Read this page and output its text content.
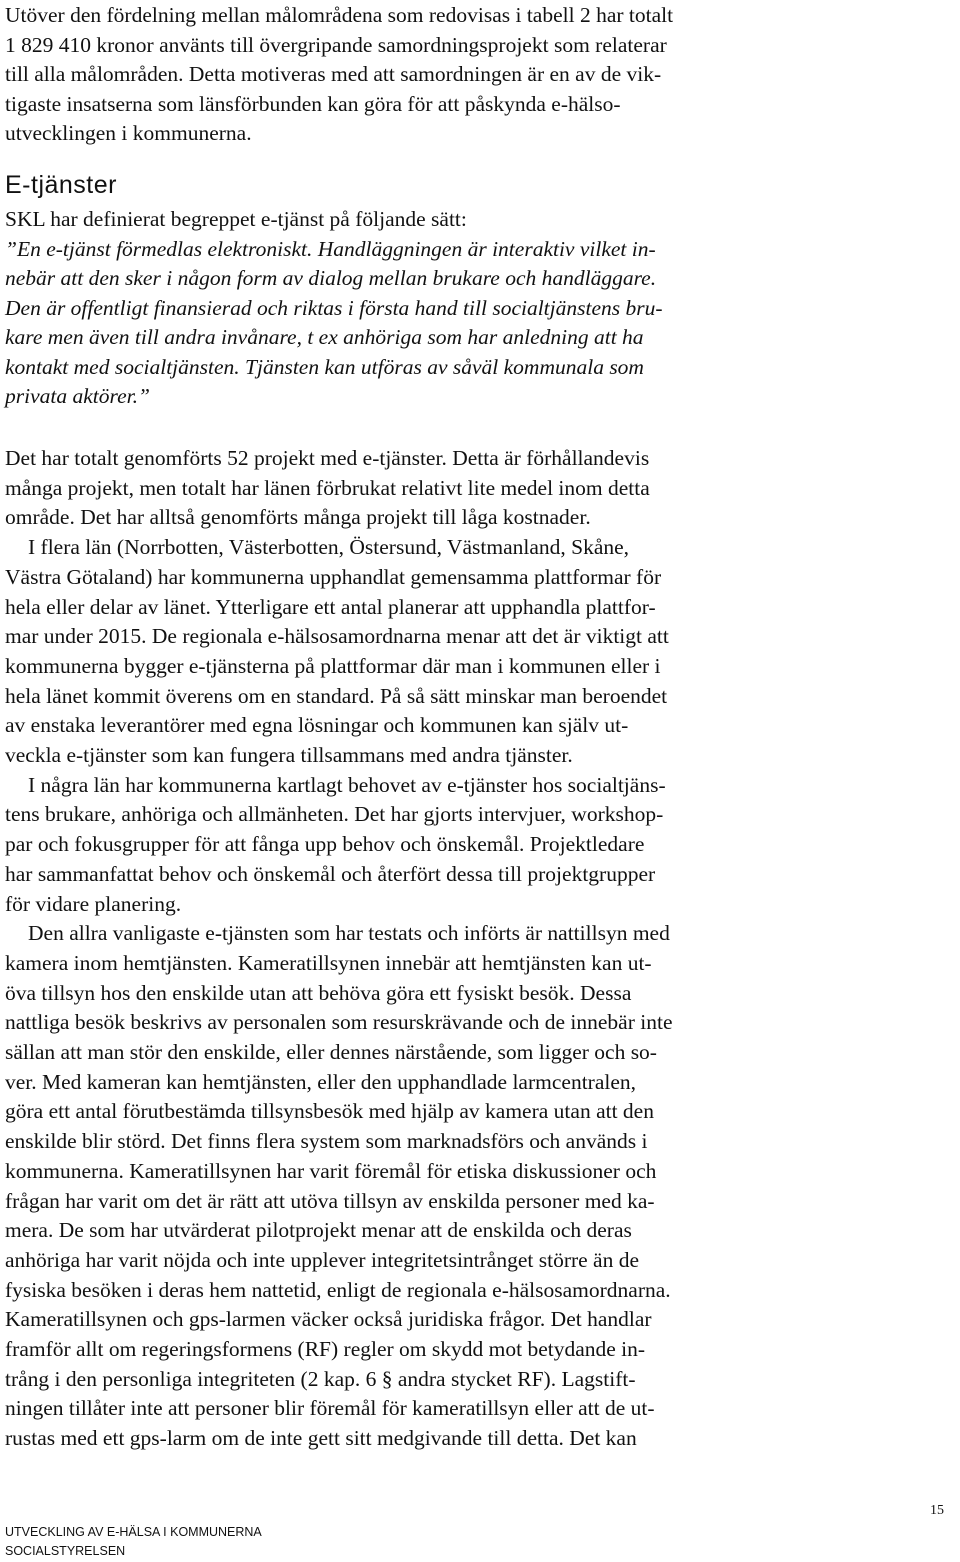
Utöver den fördelning mellan målområdena som redovisas i tabell 2 har totalt

1 829 410 kronor använts till övergripande samordningsprojekt som relaterar

till alla målområden. Detta motiveras med att samordningen är en av de vik-

tigaste insatserna som länsförbunden kan göra för att påskynda e-hälso-

utvecklingen i kommunerna.

E-tjänster

SKL har definierat begreppet e-tjänst på följande sätt:

”En e-tjänst förmedlas elektroniskt. Handläggningen är interaktiv vilket in-

nebär att den sker i någon form av dialog mellan brukare och handläggare.

Den är offentligt finansierad och riktas i första hand till socialtjänstens bru-

kare men även till andra invånare, t ex anhöriga som har anledning att ha

kontakt med socialtjänsten. Tjänsten kan utföras av såväl kommunala som

privata aktörer.”

Det har totalt genomförts 52 projekt med e-tjänster. Detta är förhållandevis

många projekt, men totalt har länen förbrukat relativt lite medel inom detta

område. Det har alltså genomförts många projekt till låga kostnader.

I flera län (Norrbotten, Västerbotten, Östersund, Västmanland, Skåne,

Västra Götaland) har kommunerna upphandlat gemensamma plattformar för

hela eller delar av länet. Ytterligare ett antal planerar att upphandla plattfor-

mar under 2015. De regionala e-hälsosamordnarna menar att det är viktigt att

kommunerna bygger e-tjänsterna på plattformar där man i kommunen eller i

hela länet kommit överens om en standard. På så sätt minskar man beroendet

av enstaka leverantörer med egna lösningar och kommunen kan själv ut-

veckla e-tjänster som kan fungera tillsammans med andra tjänster.

I några län har kommunerna kartlagt behovet av e-tjänster hos socialtjäns-

tens brukare, anhöriga och allmänheten. Det har gjorts intervjuer, workshop-

par och fokusgrupper för att fånga upp behov och önskemål. Projektledare

har sammanfattat behov och önskemål och återfört dessa till projektgrupper

för vidare planering.

Den allra vanligaste e-tjänsten som har testats och införts är nattillsyn med

kamera inom hemtjänsten. Kameratillsynen innebär att hemtjänsten kan ut-

öva tillsyn hos den enskilde utan att behöva göra ett fysiskt besök. Dessa

nattliga besök beskrivs av personalen som resurskrävande och de innebär inte

sällan att man stör den enskilde, eller dennes närstående, som ligger och so-

ver. Med kameran kan hemtjänsten, eller den upphandlade larmcentralen,

göra ett antal förutbestämda tillsynsbesök med hjälp av kamera utan att den

enskilde blir störd. Det finns flera system som marknadsförs och används i

kommunerna. Kameratillsynen har varit föremål för etiska diskussioner och

frågan har varit om det är rätt att utöva tillsyn av enskilda personer med ka-

mera. De som har utvärderat pilotprojekt menar att de enskilda och deras

anhöriga har varit nöjda och inte upplever integritetsintrånget större än de

fysiska besöken i deras hem nattetid, enligt de regionala e-hälsosamordnarna.

Kameratillsynen och gps-larmen väcker också juridiska frågor. Det handlar

framför allt om regeringsformens (RF) regler om skydd mot betydande in-

trång i den personliga integriteten (2 kap. 6 § andra stycket RF). Lagstift-

ningen tillåter inte att personer blir föremål för kameratillsyn eller att de ut-

rustas med ett gps-larm om de inte gett sitt medgivande till detta. Det kan

UTVECKLING AV E-HÄLSA I KOMMUNERNA

SOCIALSTYRELSEN

15
